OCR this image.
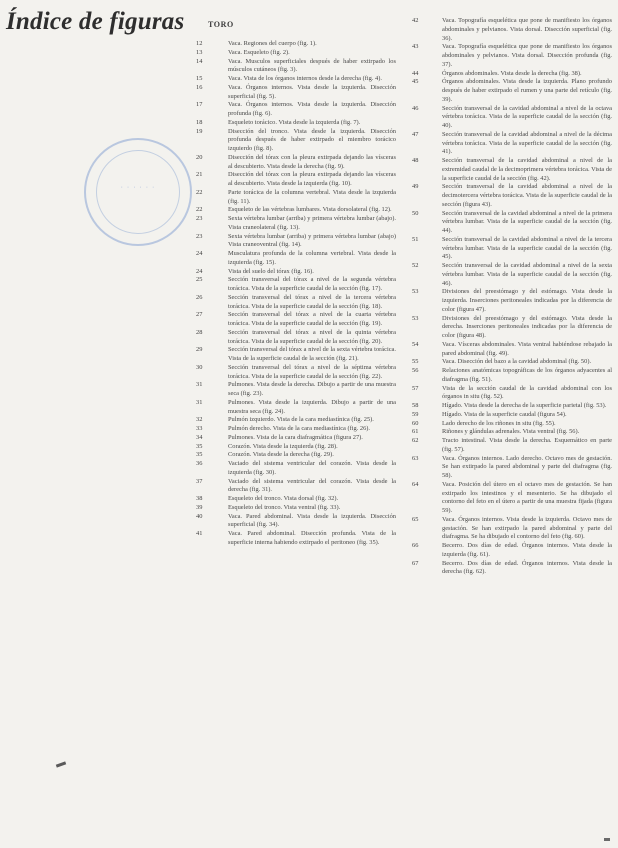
Índice de figuras	TORO
· · · · · ·
12	Vaca. Regiones del cuerpo (fig. 1).
13	Vaca. Esqueleto (fig. 2).
14	Vaca. Musculos superficiales después de haber extirpado los músculos cutáneos (fig. 3).
15	Vaca. Vista de los órganos internos desde la derecha (fig. 4).
16	Vaca. Órganos internos. Vista desde la izquierda. Disección superficial (fig. 5).
17	Vaca. Órganos internos. Vista desde la izquierda. Disección profunda (fig. 6).
18	Esqueleto torácico. Vista desde la izquierda (fig. 7).
19	Disección del tronco. Vista desde la izquierda. Disección profunda después de haber extirpado el miembro torácico izquierdo (fig. 8).
20	Disección del tórax con la pleura extirpada dejando las vísceras al descubierto. Vista desde la derecha (fig. 9).
21	Disección del tórax con la pleura extirpada dejando las vísceras al descubierto. Vista desde la izquierda (fig. 10).
22	Parte torácica de la columna vertebral. Vista desde la izquierda (fig. 11).
22	Esqueleto de las vértebras lumbares. Vista dorsolateral (fig. 12).
23	Sexta vértebra lumbar (arriba) y primera vértebra lumbar (abajo). Vista craneolateral (fig. 13).
23	Sexta vértebra lumbar (arriba) y primera vértebra lumbar (abajo) Vista craneoventral (fig. 14).
24	Musculatura profunda de la columna vertebral. Vista desde la izquierda (fig. 15).
24	Vista del suelo del tórax (fig. 16).
25	Sección transversal del tórax a nivel de la segunda vértebra torácica. Vista de la superficie caudal de la sección (fig. 17).
26	Sección transversal del tórax a nivel de la tercera vértebra torácica. Vista de la superficie caudal de la sección (fig. 18).
27	Sección transversal del tórax a nivel de la cuarta vértebra torácica. Vista de la superficie caudal de la sección (fig. 19).
28	Sección transversal del tórax a nivel de la quinta vértebra torácica. Vista de la superficie caudal de la sección (fig. 20).
29	Sección transversal del tórax a nivel de la sexta vértebra torácica. Vista de la superficie caudal de la sección (fig. 21).
30	Sección transversal del tórax a nivel de la séptima vértebra torácica. Vista de la superficie caudal de la sección (fig. 22).
31	Pulmones. Vista desde la derecha. Dibujo a partir de una muestra seca (fig. 23).
31	Pulmones. Vista desde la izquierda. Dibujo a partir de una muestra seca (fig. 24).
32	Pulmón izquierdo. Vista de la cara mediastínica (fig. 25).
33	Pulmón derecho. Vista de la cara mediastínica (fig. 26).
34	Pulmones. Vista de la cara diafragmática (figura 27).
35	Corazón. Vista desde la izquierda (fig. 28).
35	Corazón. Vista desde la derecha (fig. 29).
36	Vaciado del sistema ventricular del corazón. Vista desde la izquierda (fig. 30).
37	Vaciado del sistema ventricular del corazón. Vista desde la derecha (fig. 31).
38	Esqueleto del tronco. Vista dorsal (fig. 32).
39	Esqueleto del tronco. Vista ventral (fig. 33).
40	Vaca. Pared abdominal. Vista desde la izquierda. Disección superficial (fig. 34).
41	Vaca. Pared abdominal. Disección profunda. Vista de la superficie interna habiendo extirpado el peritoneo (fig. 35).
42	Vaca. Topografía esquelética que pone de manifiesto los órganos abdominales y pelvianos. Vista dorsal. Disección superficial (fig. 36).
43	Vaca. Topografía esquelética que pone de manifiesto los órganos abdominales y pelvianos. Vista dorsal. Disección profunda (fig. 37).
44	Órganos abdominales. Vista desde la derecha (fig. 38).
45	Órganos abdominales. Vista desde la izquierda. Plano profundo después de haber extirpado el rumen y una parte del retículo (fig. 39).
46	Sección transversal de la cavidad abdominal a nivel de la octava vértebra torácica. Vista de la superficie caudal de la sección (fig. 40).
47	Sección transversal de la cavidad abdominal a nivel de la décima vértebra torácica. Vista de la superficie caudal de la sección (fig. 41).
48	Sección transversal de la cavidad abdominal a nivel de la extremidad caudal de la decimoprimera vértebra torácica. Vista de la superficie caudal de la sección (fig. 42).
49	Sección transversal de la cavidad abdominal a nivel de la decimotercera vértebra torácica. Vista de la superficie caudal de la sección (figura 43).
50	Sección transversal de la cavidad abdominal a nivel de la primera vértebra lumbar. Vista de la superficie caudal de la sección (fig. 44).
51	Sección transversal de la cavidad abdominal a nivel de la tercera vértebra lumbar. Vista de la superficie caudal de la sección (fig. 45).
52	Sección transversal de la cavidad abdominal a nivel de la sexta vértebra lumbar. Vista de la superficie caudal de la sección (fig. 46).
53	Divisiones del preestómago y del estómago. Vista desde la izquierda. Inserciones peritoneales indicadas por la diferencia de color (figura 47).
53	Divisiones del preestómago y del estómago. Vista desde la derecha. Inserciones peritoneales indicadas por la diferencia de color (figura 48).
54	Vaca. Vísceras abdominales. Vista ventral habiéndose rebajado la pared abdominal (fig. 49).
55	Vaca. Disección del bazo a la cavidad abdominal (fig. 50).
56	Relaciones anatómicas topográficas de los órganos adyacentes al diafragma (fig. 51).
57	Vista de la sección caudal de la cavidad abdominal con los órganos in situ (fig. 52).
58	Hígado. Vista desde la derecha de la superficie parietal (fig. 53).
59	Hígado. Vista de la superficie caudal (figura 54).
60	Lado derecho de los riñones in situ (fig. 55).
61	Riñones y glándulas adrenales. Vista ventral (fig. 56).
62	Tracto intestinal. Vista desde la derecha. Esquemático en parte (fig. 57).
63	Vaca. Órganos internos. Lado derecho. Octavo mes de gestación. Se han extirpado la pared abdominal y parte del diafragma (fig. 58).
64	Vaca. Posición del útero en el octavo mes de gestación. Se han extirpado los intestinos y el mesenterio. Se ha dibujado el contorno del feto en el útero a partir de una muestra fijada (figura 59).
65	Vaca. Órganos internos. Vista desde la izquierda. Octavo mes de gestación. Se han extirpado la pared abdominal y parte del diafragma. Se ha dibujado el contorno del feto (fig. 60).
66	Becerro. Dos días de edad. Órganos internos. Vista desde la izquierda (fig. 61).
67	Becerro. Dos días de edad. Órganos internos. Vista desde la derecha (fig. 62).
